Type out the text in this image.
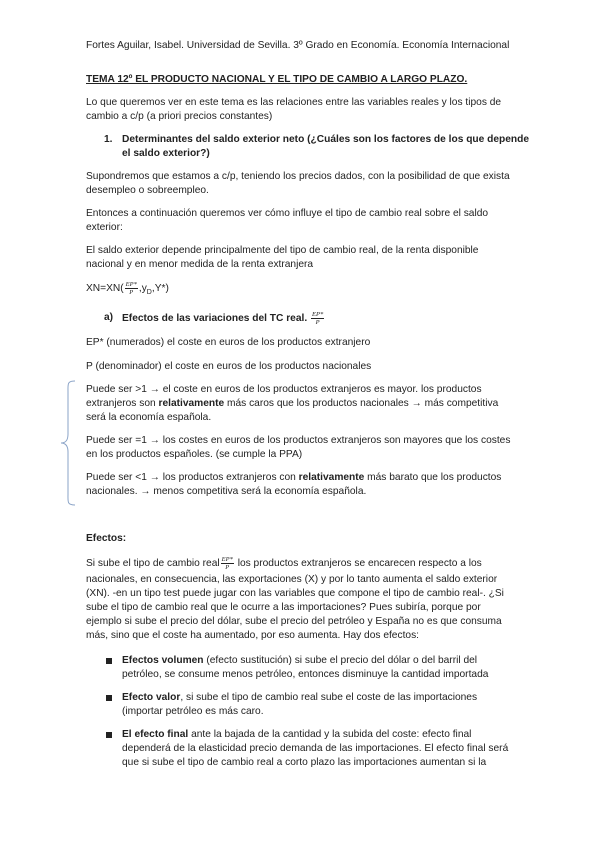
Fortes Aguilar, Isabel. Universidad de Sevilla. 3º Grado en Economía. Economía Internacional
TEMA 12º EL PRODUCTO NACIONAL Y EL TIPO DE CAMBIO A LARGO PLAZO.
Lo que queremos ver en este tema es las relaciones entre las variables reales y los tipos de
cambio a c/p (a priori precios constantes)
1. Determinantes del saldo exterior neto (¿Cuáles son los factores de los que depende
el saldo exterior?)
Supondremos que estamos a c/p, teniendo los precios dados, con la posibilidad de que exista
desempleo o sobreempleo.
Entonces a continuación queremos ver cómo influye el tipo de cambio real sobre el saldo
exterior:
El saldo exterior depende principalmente del tipo de cambio real, de la renta disponible
nacional y en menor medida de la renta extranjera
$XN=XN( \frac{EP*}{P} ,y_D,Y*)$
a) Efectos de las variaciones del TC real. $\frac{EP*}{P}$
EP* (numerados) el coste en euros de los productos extranjero
P (denominador) el coste en euros de los productos nacionales
Puede ser >1 → el coste en euros de los productos extranjeros es mayor. los productos
extranjeros son relativamente más caros que los productos nacionales → más competitiva
será la economía española.
Puede ser =1 → los costes en euros de los productos extranjeros son mayores que los costes
en los productos españoles. (se cumple la PPA)
Puede ser <1 → los productos extranjeros con relativamente más barato que los productos
nacionales. → menos competitiva será la economía española.
Efectos:
Si sube el tipo de cambio real $\frac{EP*}{P}$ los productos extranjeros se encarecen respecto a los
nacionales, en consecuencia, las exportaciones (X) y por lo tanto aumenta el saldo exterior
(XN). -en un tipo test puede jugar con las variables que compone el tipo de cambio real-. ¿Si
sube el tipo de cambio real que le ocurre a las importaciones? Pues subiría, porque por
ejemplo si sube el precio del dólar, sube el precio del petróleo y España no es que consuma
más, sino que el coste ha aumentado, por eso aumenta. Hay dos efectos:
Efectos volumen (efecto sustitución) si sube el precio del dólar o del barril del
petróleo, se consume menos petróleo, entonces disminuye la cantidad importada
Efecto valor, si sube el tipo de cambio real sube el coste de las importaciones
(importar petróleo es más caro.
El efecto final ante la bajada de la cantidad y la subida del coste: efecto final
dependerá de la elasticidad precio demanda de las importaciones. El efecto final será
que si sube el tipo de cambio real a corto plazo las importaciones aumentan si la
